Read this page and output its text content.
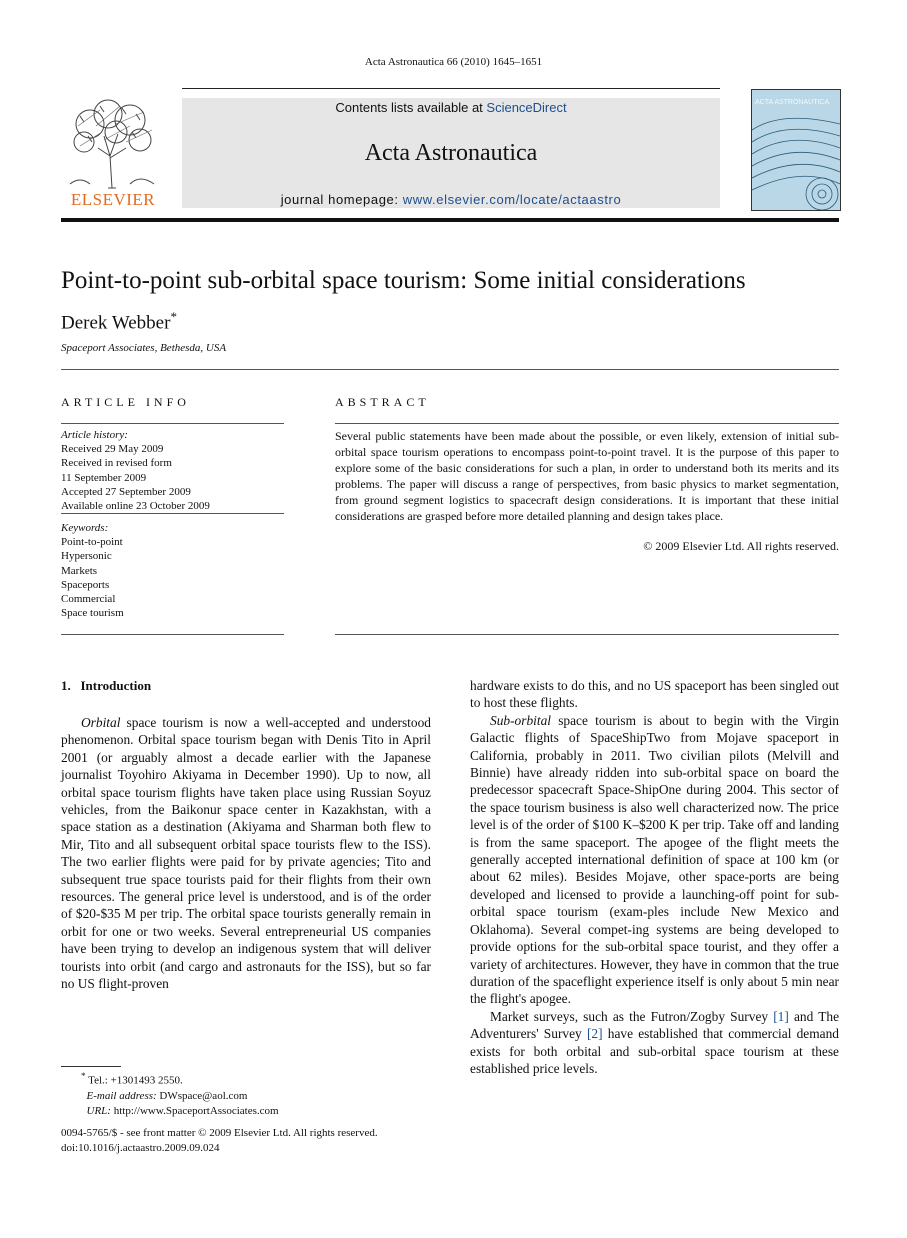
Acta Astronautica 66 (2010) 1645–1651
ELSEVIER
Contents lists available at ScienceDirect
Acta Astronautica
journal homepage: www.elsevier.com/locate/actaastro
ACTA ASTRONAUTICA
Point-to-point sub-orbital space tourism: Some initial considerations
Derek Webber*
Spaceport Associates, Bethesda, USA
ARTICLE INFO	ABSTRACT
Article history:
Received 29 May 2009
Received in revised form
11 September 2009
Accepted 27 September 2009
Available online 23 October 2009
Keywords:
Point-to-point
Hypersonic
Markets
Spaceports
Commercial
Space tourism
Several public statements have been made about the possible, or even likely, extension of initial sub-orbital space tourism operations to encompass point-to-point travel. It is the purpose of this paper to explore some of the basic considerations for such a plan, in order to understand both its merits and its problems. The paper will discuss a range of perspectives, from basic physics to market segmentation, from ground segment logistics to spacecraft design considerations. It is important that these initial considerations are grasped before more detailed planning and design takes place.
© 2009 Elsevier Ltd. All rights reserved.
1. Introduction

Orbital space tourism is now a well-accepted and understood phenomenon. Orbital space tourism began with Denis Tito in April 2001 (or arguably almost a decade earlier with the Japanese journalist Toyohiro Akiyama in December 1990). Up to now, all orbital space tourism flights have taken place using Russian Soyuz vehicles, from the Baikonur space center in Kazakhstan, with a space station as a destination (Akiyama and Sharman both flew to Mir, Tito and all subsequent orbital space tourists flew to the ISS). The two earlier flights were paid for by private agencies; Tito and subsequent true space tourists paid for their flights from their own resources. The general price level is understood, and is of the order of $20-$35 M per trip. The orbital space tourists generally remain in orbit for one or two weeks. Several entrepreneurial US companies have been trying to develop an indigenous system that will deliver tourists into orbit (and cargo and astronauts for the ISS), but so far no US flight-proven

hardware exists to do this, and no US spaceport has been singled out to host these flights.

Sub-orbital space tourism is about to begin with the Virgin Galactic flights of SpaceShipTwo from Mojave spaceport in California, probably in 2011. Two civilian pilots (Melvill and Binnie) have already ridden into sub-orbital space on board the predecessor spacecraft Space-ShipOne during 2004. This sector of the space tourism business is also well characterized now. The price level is of the order of $100 K–$200 K per trip. Take off and landing is from the same spaceport. The apogee of the flight meets the generally accepted international definition of space at 100 km (or about 62 miles). Besides Mojave, other space-ports are being developed and licensed to provide a launching-off point for sub-orbital space tourism (exam-ples include New Mexico and Oklahoma). Several compet-ing systems are being developed to provide options for the sub-orbital space tourist, and they offer a variety of architectures. However, they have in common that the true duration of the spaceflight experience itself is only about 5 min near the flight's apogee.

Market surveys, such as the Futron/Zogby Survey [1] and The Adventurers' Survey [2] have established that commercial demand exists for both orbital and sub-orbital space tourism at these established price levels.

* Tel.: +1301493 2550.
E-mail address: DWspace@aol.com
URL: http://www.SpaceportAssociates.com
0094-5765/$ - see front matter © 2009 Elsevier Ltd. All rights reserved.
doi:10.1016/j.actaastro.2009.09.024
